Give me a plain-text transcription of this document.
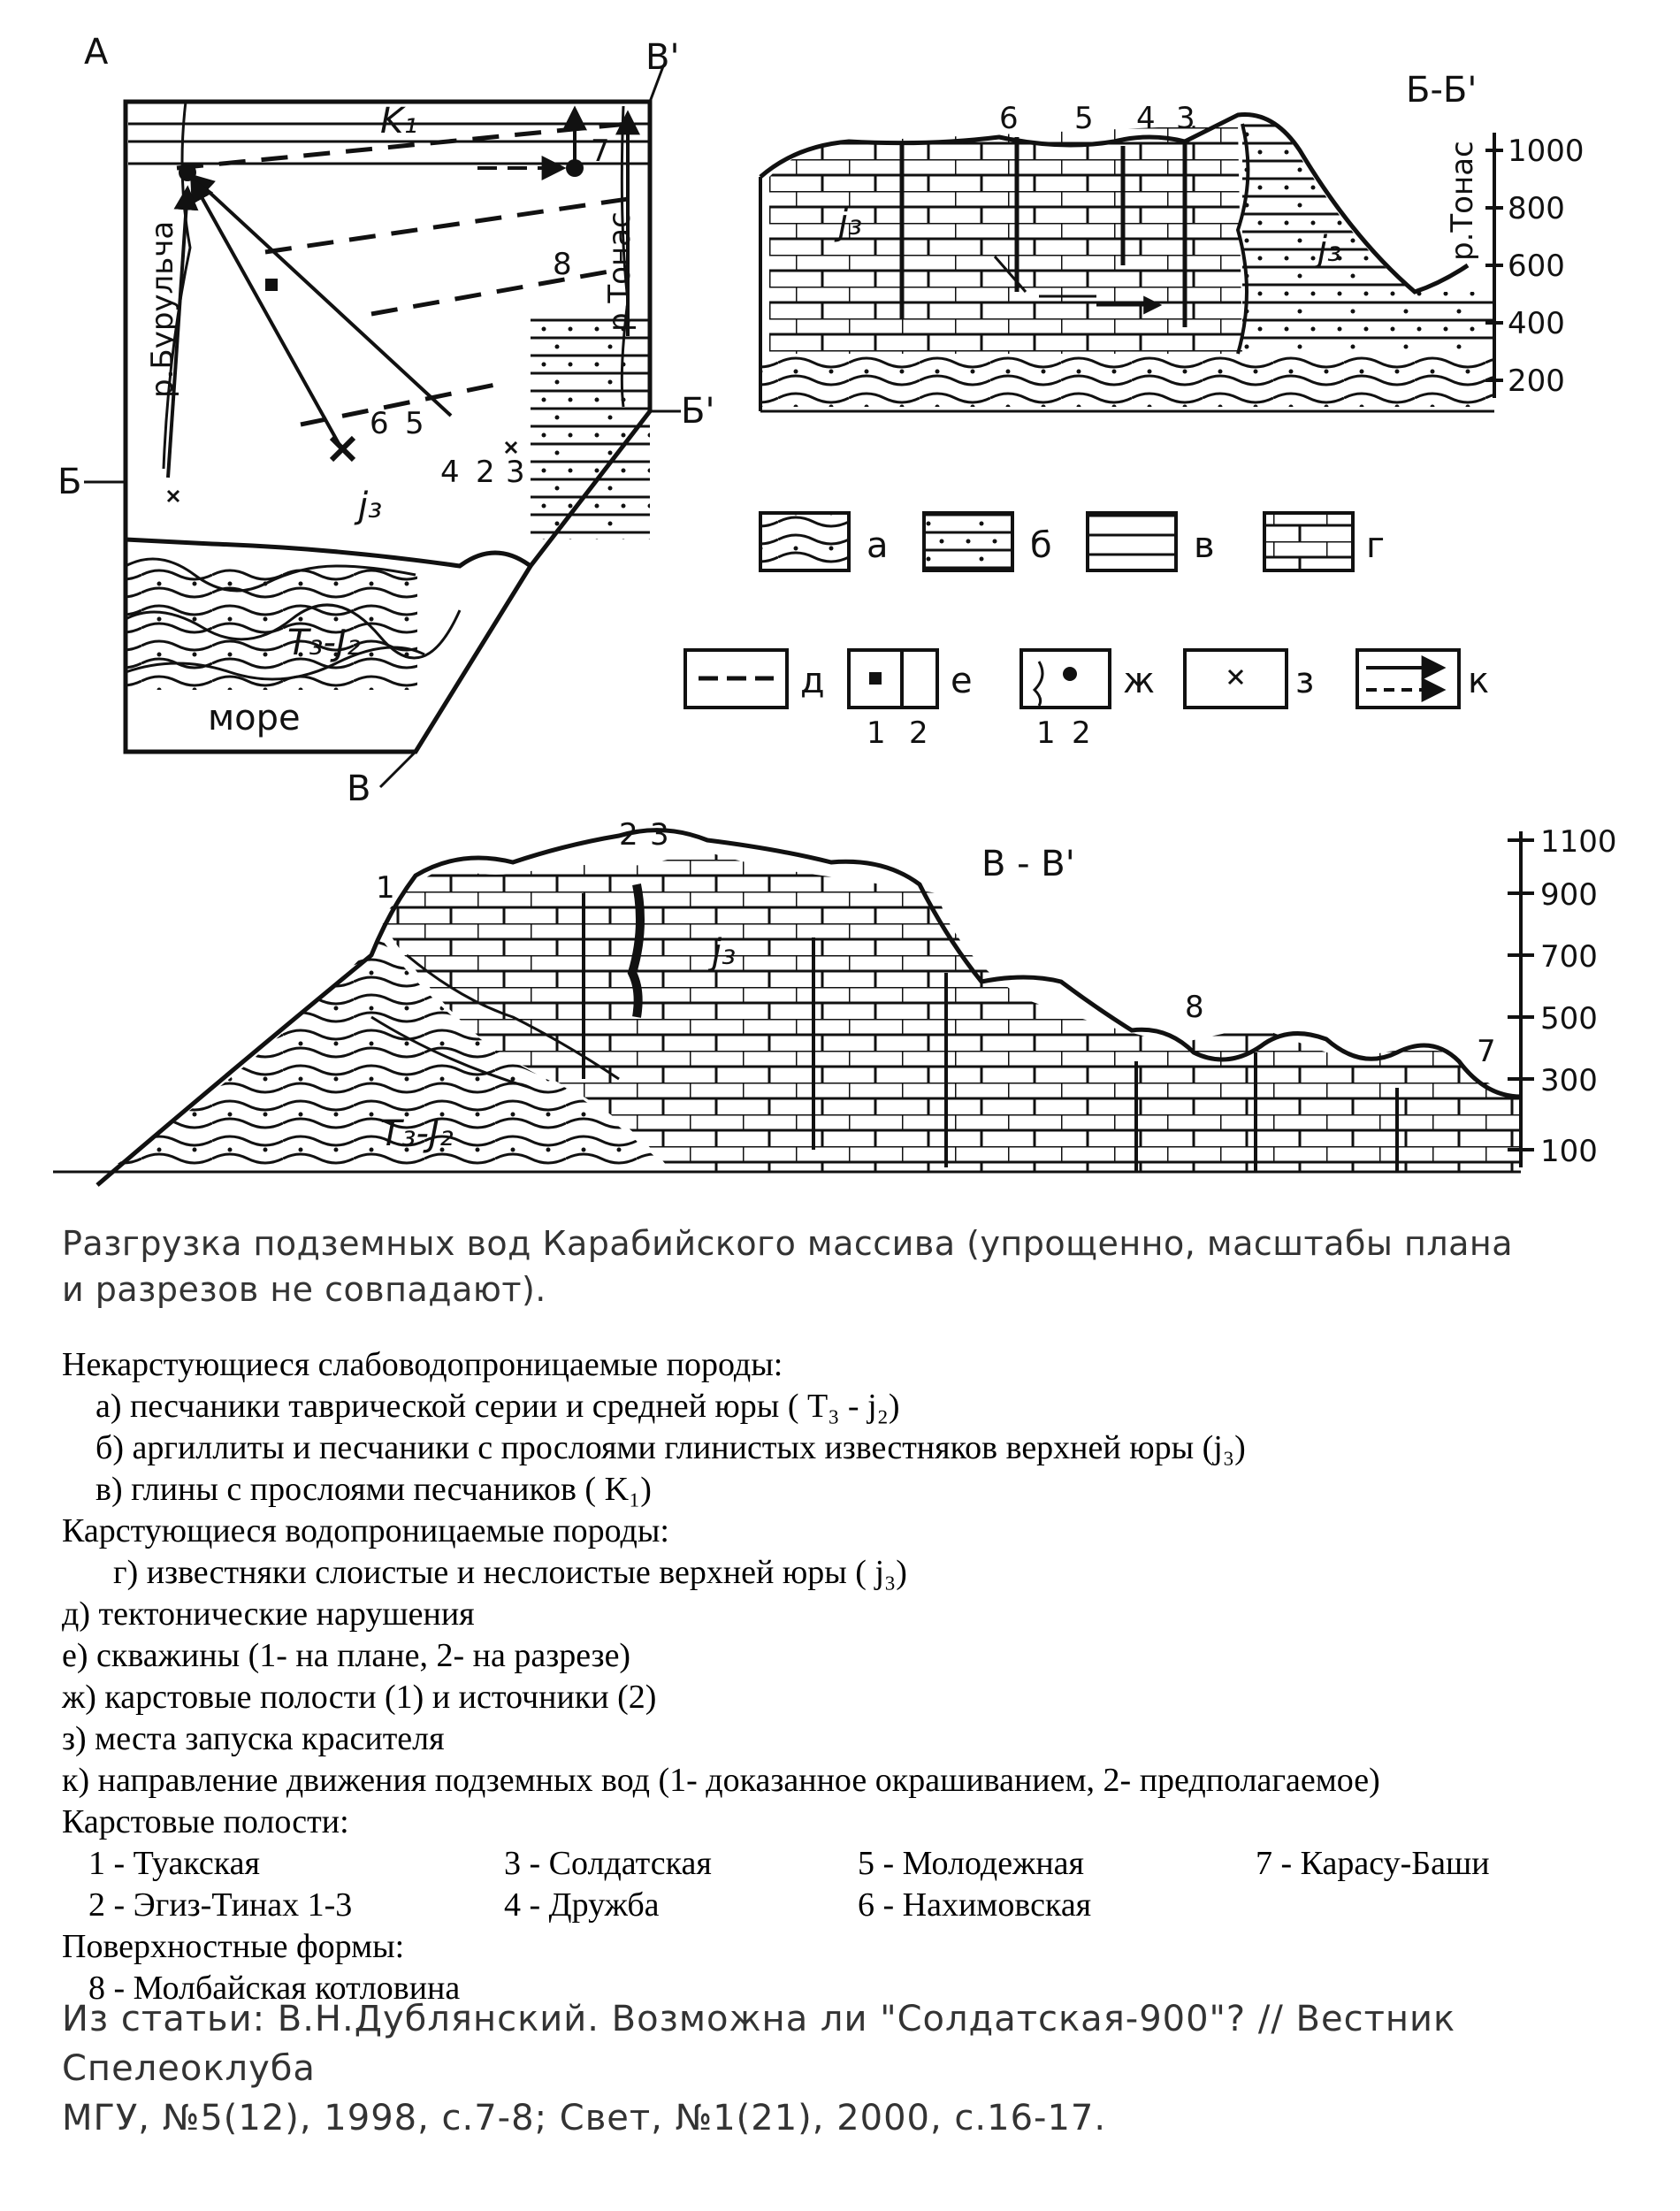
А
Б
Б'
В
В'
K₁
j₃
T₃-J₂
море
р.Бурульча	р.Тонас
6 5
4 2 3
7
8
Б-Б'
1000
800
600
400
200
j₃
j₃	р.Тонас
6 5 4 3
а	б	в	г
д	е	ж	з	к
1 2	1 2
В - В'
1100
900
700
500
300
100
j₃
T₃-J₂
1
2 3
8
7
Разгрузка подземных вод Карабийского массива (упрощенно, масштабы плана
и разрезов не совпадают).
Некарстующиеся слабоводопроницаемые породы:
а) песчаники таврической серии и средней юры ( T₃ - j₂)
б) аргиллиты и песчаники с прослоями глинистых известняков верхней юры (j₃)
в) глины с прослоями песчаников ( K₁)
Карстующиеся водопроницаемые породы:
г) известняки слоистые и неслоистые верхней юры ( j₃)
д) тектонические нарушения
е) скважины (1- на плане, 2- на разрезе)
ж) карстовые полости (1) и источники (2)
з) места запуска красителя
к) направление движения подземных вод (1- доказанное окрашиванием, 2- предполагаемое)
Карстовые полости:
1 - Туакская	3 - Солдатская	5 - Молодежная	7 - Карасу-Баши
2 - Эгиз-Тинах 1-3	4 - Дружба	6 - Нахимовская
Поверхностные формы:
8 - Молбайская котловина
Из статьи: В.Н.Дублянский. Возможна ли "Солдатская-900"? // Вестник Спелеоклуба
МГУ, №5(12), 1998, с.7-8; Свет, №1(21), 2000, с.16-17.
